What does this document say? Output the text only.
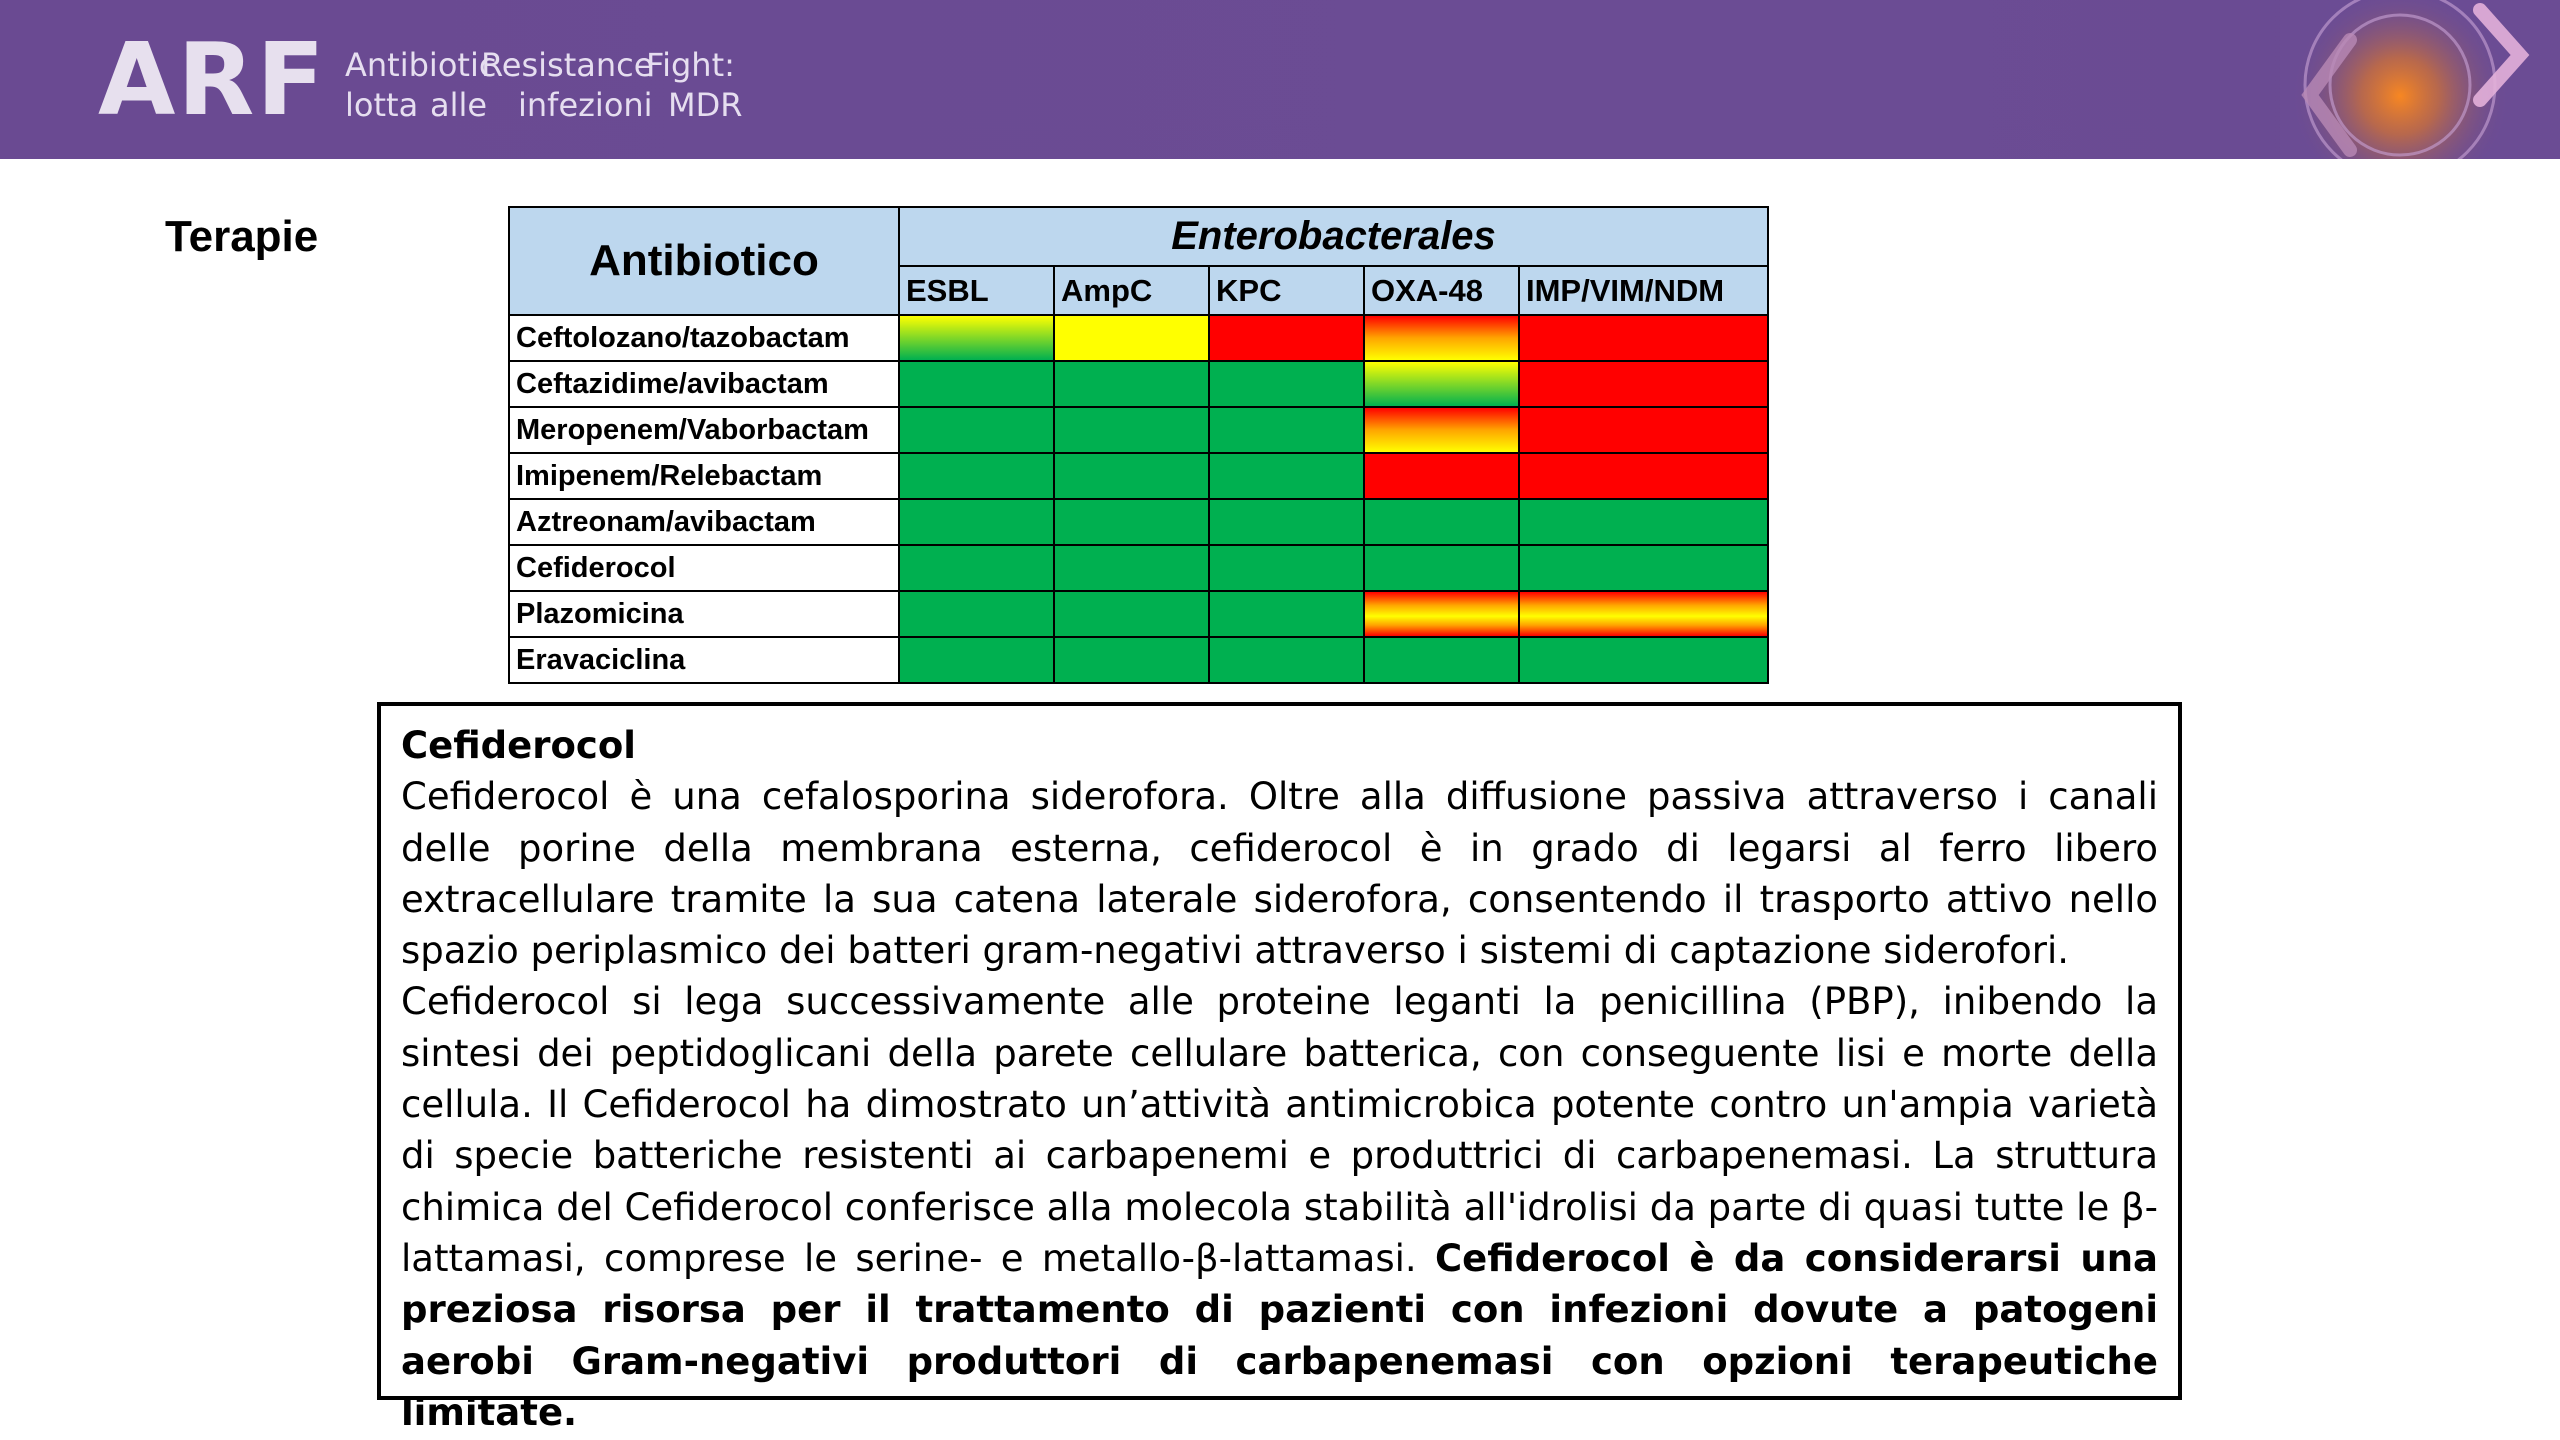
ARF Antibiotic
Resistance
Fight:
lotta alle infezioni MDR
Terapie	Antibiotico	Enterobacterales				
	ESBL	AmpC	KPC	OXA-48	IMP/VIM/NDM
Ceftolozano/tazobactam					
Ceftazidime/avibactam					
Meropenem/Vaborbactam					
Imipenem/Relebactam					
Aztreonam/avibactam					
Cefiderocol					
Plazomicina					
Eravaciclina					
Cefiderocol

Cefiderocol è una cefalosporina siderofora. Oltre alla diffusione passiva attraverso i canali delle porine della membrana esterna, cefiderocol è in grado di legarsi al ferro libero extracellulare tramite la sua catena laterale siderofora, consentendo il trasporto attivo nello spazio periplasmico dei batteri gram-negativi attraverso i sistemi di captazione siderofori.

Cefiderocol si lega successivamente alle proteine leganti la penicillina (PBP), inibendo la sintesi dei peptidoglicani della parete cellulare batterica, con conseguente lisi e morte della cellula. Il Cefiderocol ha dimostrato un’attività antimicrobica potente contro un'ampia varietà di specie batteriche resistenti ai carbapenemi e produttrici di carbapenemasi. La struttura chimica del Cefiderocol conferisce alla molecola stabilità all'idrolisi da parte di quasi tutte le β-lattamasi, comprese le serine- e metallo-β-lattamasi. Cefiderocol è da considerarsi una preziosa risorsa per il trattamento di pazienti con infezioni dovute a patogeni aerobi Gram-negativi produttori di carbapenemasi con opzioni terapeutiche limitate.
